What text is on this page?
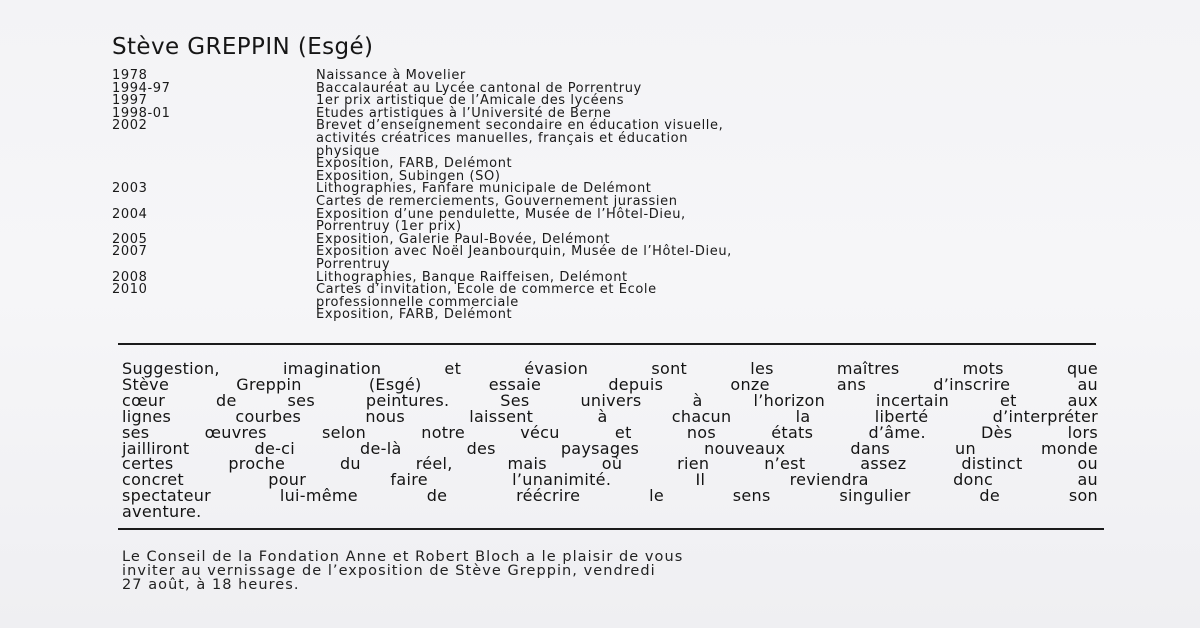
Stève GREPPIN (Esgé)
1978	Naissance à Movelier
1994-97	Baccalauréat au Lycée cantonal de Porrentruy
1997	1er prix artistique de l’Amicale des lycéens
1998-01	Etudes artistiques à l’Université de Berne
2002	Brevet d’enseignement secondaire en éducation visuelle,
activités créatrices manuelles, français et éducation
physique
Exposition, FARB, Delémont
Exposition, Subingen (SO)
2003	Lithographies, Fanfare municipale de Delémont
Cartes de remerciements, Gouvernement jurassien
2004	Exposition d’une pendulette, Musée de l’Hôtel-Dieu,
Porrentruy (1er prix)
2005	Exposition, Galerie Paul-Bovée, Delémont
2007	Exposition avec Noël Jeanbourquin, Musée de l’Hôtel-Dieu,
Porrentruy
2008	Lithographies, Banque Raiffeisen, Delémont
2010	Cartes d’invitation, Ecole de commerce et Ecole
professionnelle commerciale
Exposition, FARB, Delémont
Suggestion, imagination et évasion sont les maîtres mots que
Stève Greppin (Esgé) essaie depuis onze ans d’inscrire au
cœur de ses peintures. Ses univers à l’horizon incertain et aux
lignes courbes nous laissent à chacun la liberté d’interpréter
ses œuvres selon notre vécu et nos états d’âme. Dès lors
jailliront de-ci de-là des paysages nouveaux dans un monde
certes proche du réel, mais où rien n’est assez distinct ou
concret pour faire l’unanimité. Il reviendra donc au
spectateur lui-même de réécrire le sens singulier de son
aventure.
Le Conseil de la Fondation Anne et Robert Bloch a le plaisir de vous
inviter au vernissage de l’exposition de Stève Greppin, vendredi
27 août, à 18 heures.
